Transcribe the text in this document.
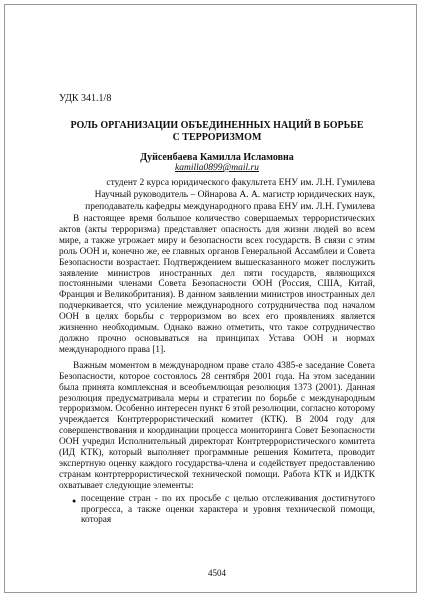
УДК 341.1/8
РОЛЬ ОРГАНИЗАЦИИ ОБЪЕДИНЕННЫХ НАЦИЙ В БОРЬБЕ С ТЕРРОРИЗМОМ
Дуйсенбаева Камилла Исламовна
kamilla0899@mail.ru
студент 2 курса юридического факультета ЕНУ им. Л.Н. Гумилева
Научный руководитель – Ойнарова А. А. магистр юридических наук,
преподаватель кафедры международного права ЕНУ им. Л.Н. Гумилева

В настоящее время большое количество совершаемых террористических актов (акты терроризма) представляет опасность для жизни людей во всем мире, а также угрожает миру и безопасности всех государств. В связи с этим роль ООН и, конечно же, ее главных органов Генеральной Ассамблеи и Совета Безопасности возрастает. Подтверждением вышесказанного может послужить заявление министров иностранных дел пяти государств, являющихся постоянными членами Совета Безопасности ООН (Россия, США, Китай, Франция и Великобритания). В данном заявлении министров иностранных дел подчеркивается, что усиление международного сотрудничества под началом ООН в целях борьбы с терроризмом во всех его проявлениях является жизненно необходимым. Однако важно отметить, что такое сотрудничество должно прочно основываться на принципах Устава ООН и нормах международного права [1].

Важным моментом в международном праве стало 4385-е заседание Совета Безопасности, которое состоялось 28 сентября 2001 года. На этом заседании была принята комплексная и всеобъемлющая резолюция 1373 (2001). Данная резолюция предусматривала меры и стратегии по борьбе с международным терроризмом. Особенно интересен пункт 6 этой резолюции, согласно которому учреждается Контртеррористический комитет (КТК). В 2004 году для совершенствования и координации процесса мониторинга Совет Безопасности ООН учредил Исполнительный директорат Контртеррористического комитета (ИД КТК), который выполняет программные решения Комитета, проводит экспертную оценку каждого государства-члена и содействует предоставлению странам контртеррористической технической помощи. Работа КТК и ИДКТК охватывает следующие элементы:

● посещение стран - по их просьбе с целью отслеживания достигнутого прогресса, а также оценки характера и уровня технической помощи, которая

4504
